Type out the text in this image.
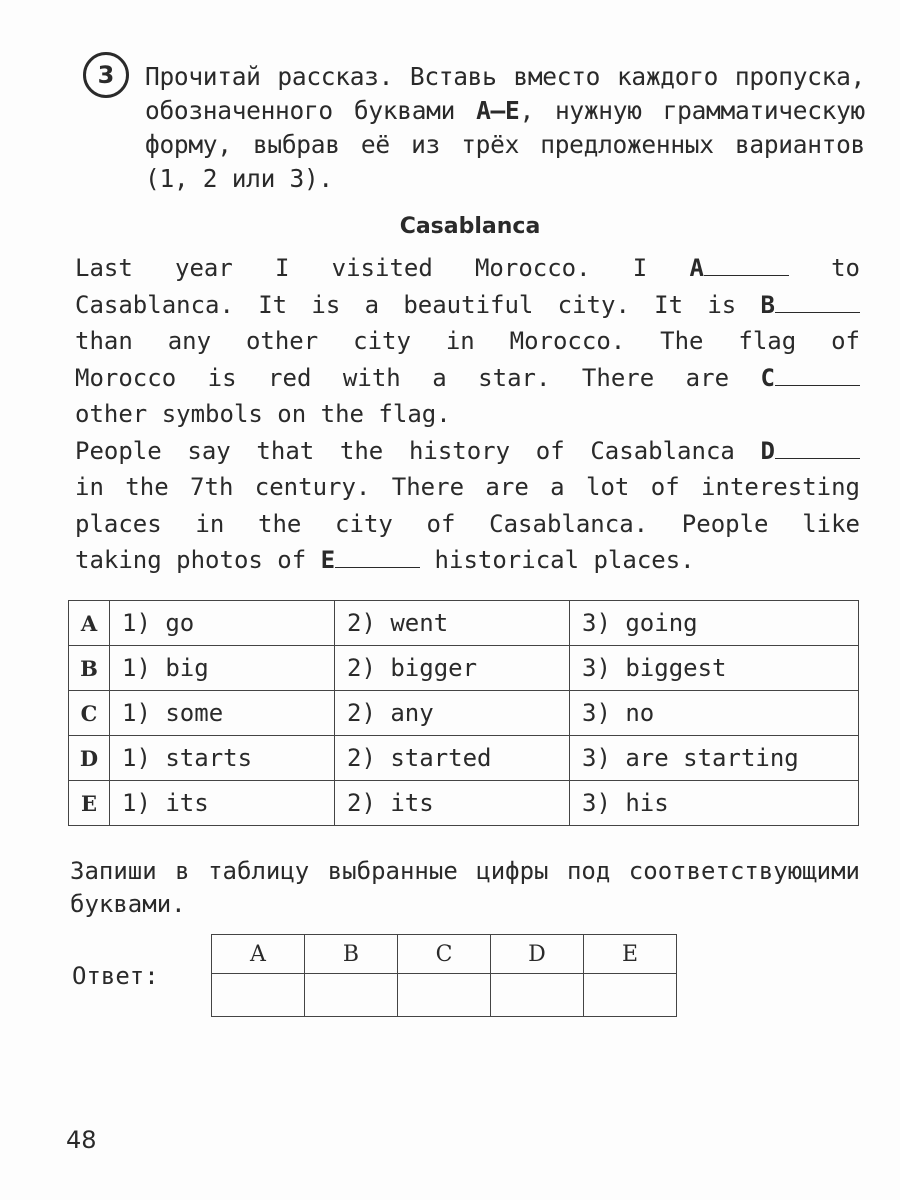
3	Прочитай рассказ. Вставь вместо каждого пропуска, обозначенного буквами A–E, нужную грамматическую форму, выбрав её из трёх предложенных вариантов (1, 2 или 3).
Casablanca
Last year I visited Morocco. I A	to
Casablanca. It is a beautiful city. It is B
than any other city in Morocco. The flag of
Morocco is red with a star. There are C
other symbols on the flag.
People say that the history of Casablanca D
in the 7th century. There are a lot of interesting
places in the city of Casablanca. People like
taking photos of E	historical places.
A	1) go	2) went	3) going
B	1) big	2) bigger	3) biggest
C	1) some	2) any	3) no
D	1) starts	2) started	3) are starting
E	1) its	2) its	3) his
Запиши в таблицу выбранные цифры под соответствующими буквами.
Ответ:
A	B	C	D	E

48
